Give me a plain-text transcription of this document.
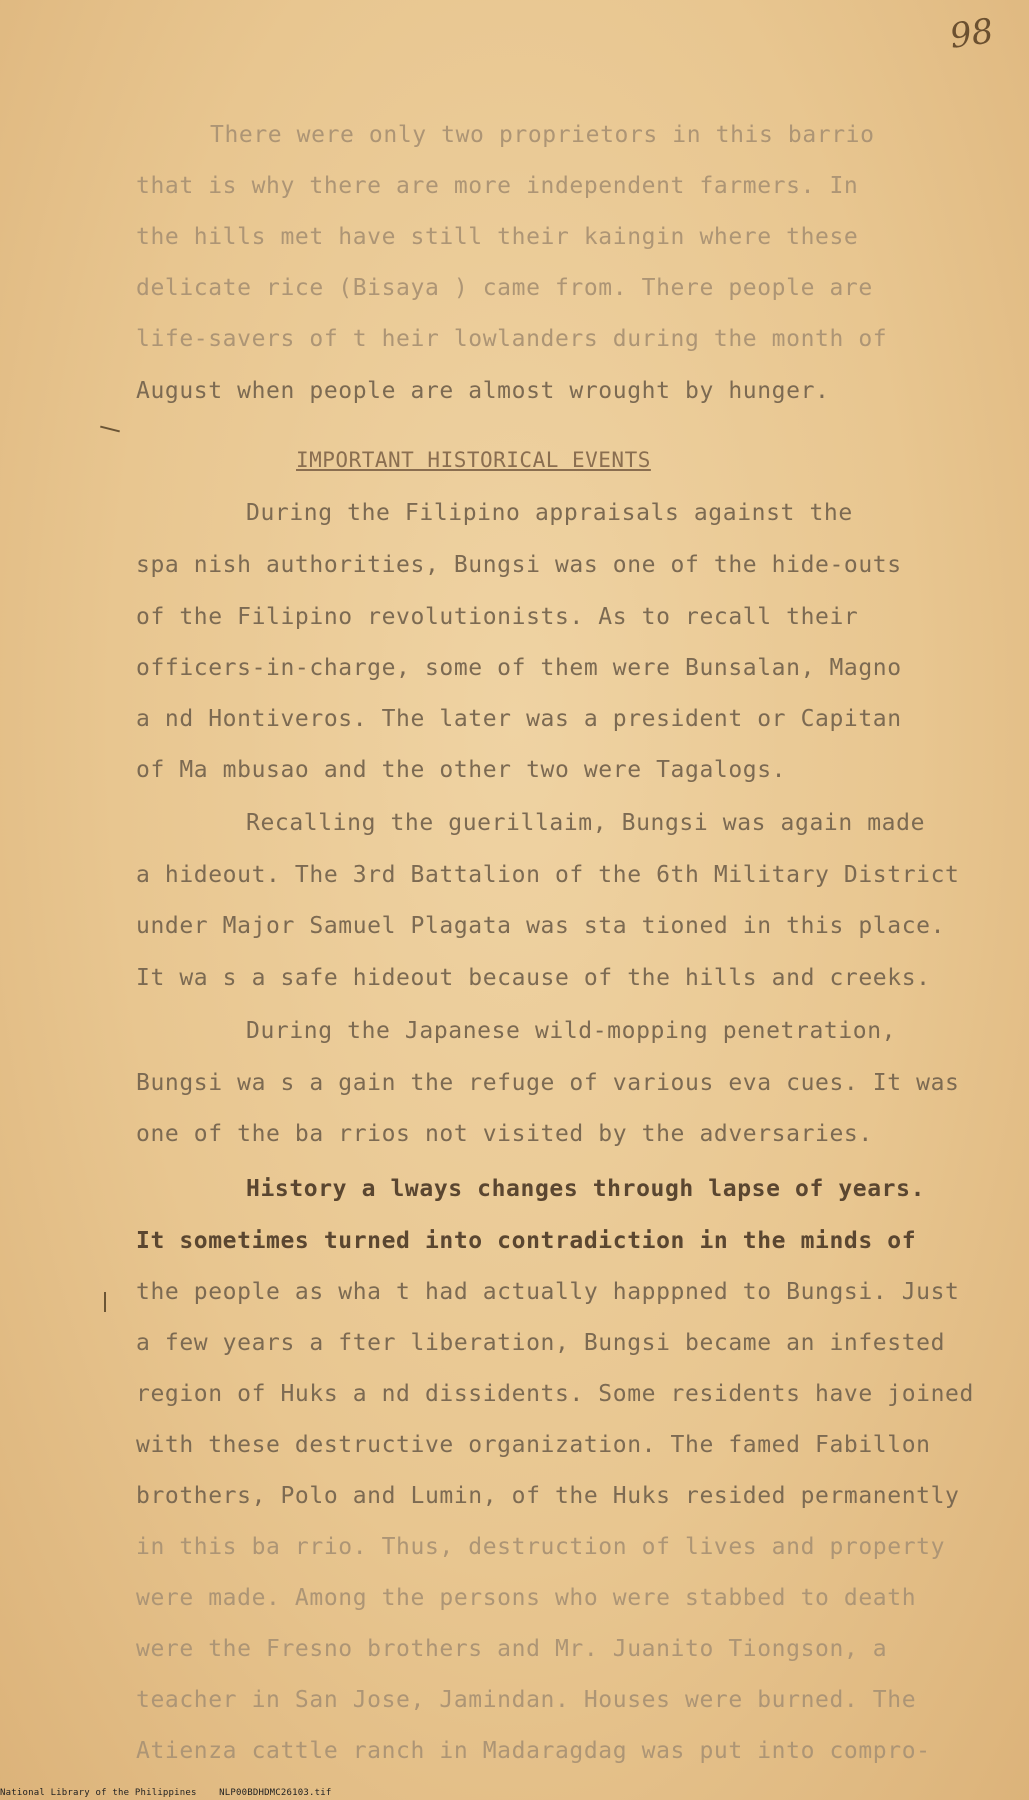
98
There were only two proprietors in this barrio
that is why there are more independent farmers. In
the hills met have still their kaingin where these
delicate rice (Bisaya ) came from. There people are
life-savers of t heir lowlanders during the month of
August when people are almost wrought by hunger.
IMPORTANT HISTORICAL EVENTS
During the Filipino appraisals against the
spa nish authorities, Bungsi was one of the hide-outs
of the Filipino revolutionists. As to recall their
officers-in-charge, some of them were Bunsalan, Magno
a nd Hontiveros. The later was a president or Capitan
of Ma mbusao and the other two were Tagalogs.
Recalling the guerillaim, Bungsi was again made
a hideout. The 3rd Battalion of the 6th Military District
under Major Samuel Plagata was sta tioned in this place.
It wa s a safe hideout because of the hills and creeks.
During the Japanese wild-mopping penetration,
Bungsi wa s a gain the refuge of various eva cues. It was
one of the ba rrios not visited by the adversaries.
History a lways changes through lapse of years.
It sometimes turned into contradiction in the minds of
the people as wha t had actually happpned to Bungsi. Just
a few years a fter liberation, Bungsi became an infested
region of Huks a nd dissidents. Some residents have joined
with these destructive organization. The famed Fabillon
brothers, Polo and Lumin, of the Huks resided permanently
in this ba rrio. Thus, destruction of lives and property
were made. Among the persons who were stabbed to death
were the Fresno brothers and Mr. Juanito Tiongson, a
teacher in San Jose, Jamindan. Houses were burned. The
Atienza cattle ranch in Madaragdag was put into compro-
National Library of the Philippines    NLP00BDHDMC26103.tif
